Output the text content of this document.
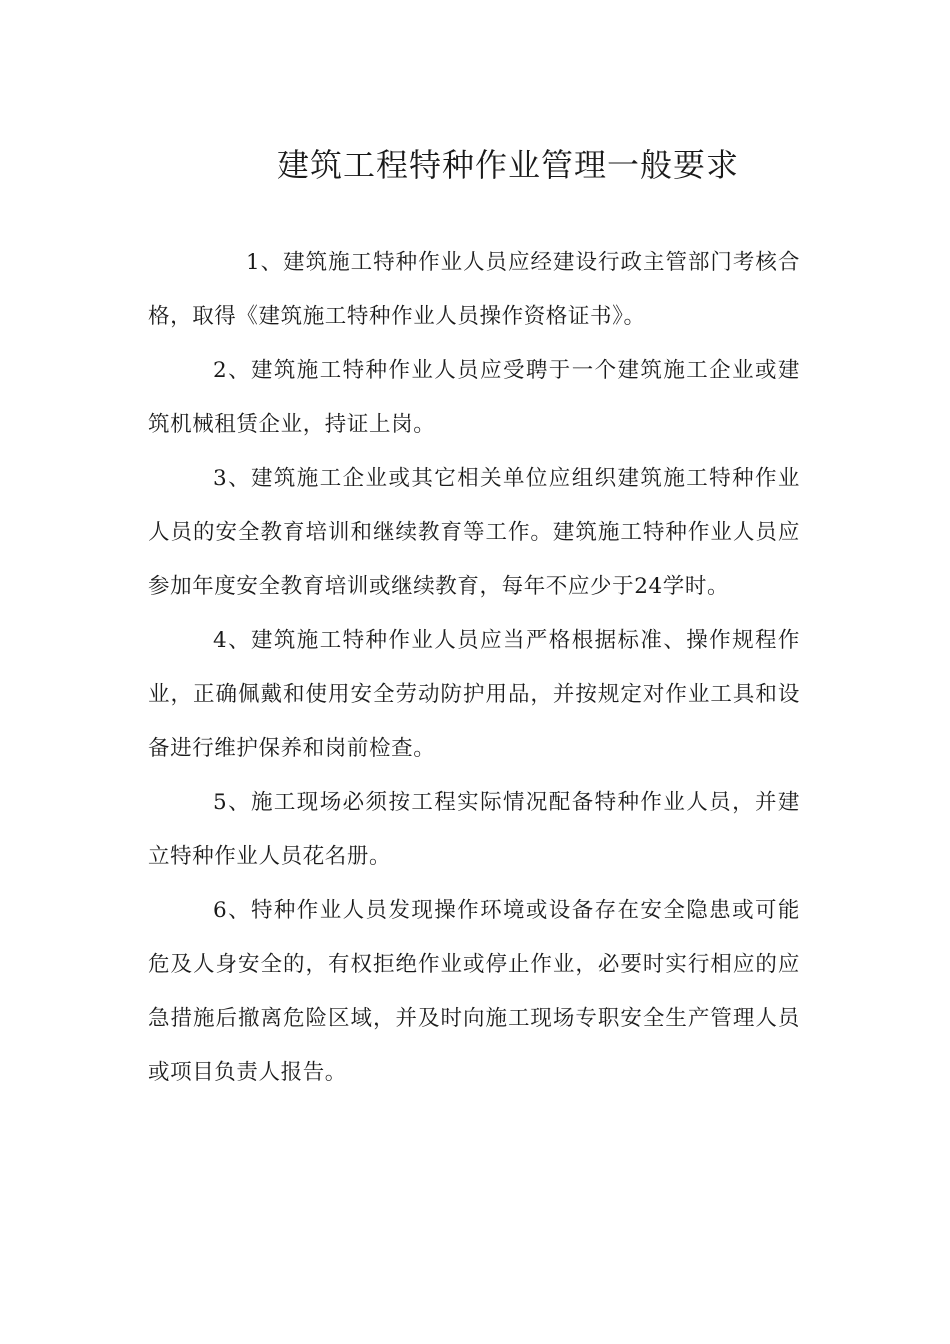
建筑工程特种作业管理一般要求

1、建筑施工特种作业人员应经建设行政主管部门考核合格，取得《建筑施工特种作业人员操作资格证书》。

2、建筑施工特种作业人员应受聘于一个建筑施工企业或建筑机械租赁企业，持证上岗。

3、建筑施工企业或其它相关单位应组织建筑施工特种作业人员的安全教育培训和继续教育等工作。建筑施工特种作业人员应参加年度安全教育培训或继续教育，每年不应少于24学时。

4、建筑施工特种作业人员应当严格根据标准、操作规程作业，正确佩戴和使用安全劳动防护用品，并按规定对作业工具和设备进行维护保养和岗前检查。

5、施工现场必须按工程实际情况配备特种作业人员，并建立特种作业人员花名册。

6、特种作业人员发现操作环境或设备存在安全隐患或可能危及人身安全的，有权拒绝作业或停止作业，必要时实行相应的应急措施后撤离危险区域，并及时向施工现场专职安全生产管理人员或项目负责人报告。
